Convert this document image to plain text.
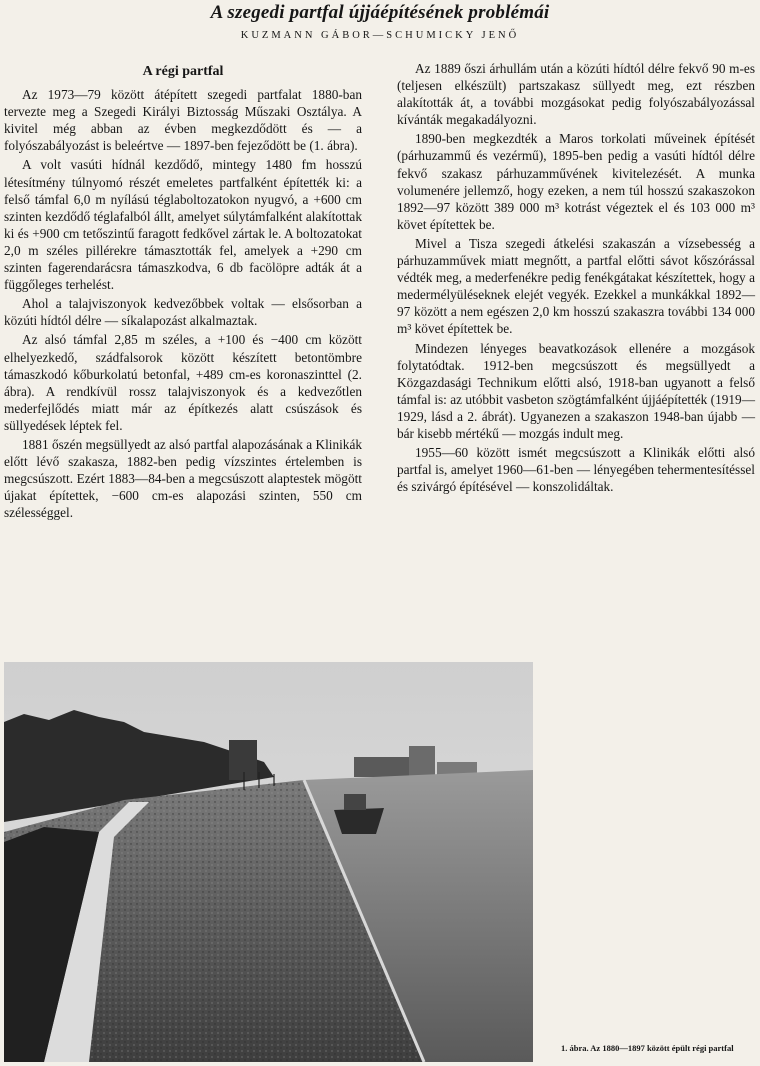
A szegedi partfal újjáépítésének problémái
KUZMANN GÁBOR—SCHUMICKY JENŐ
A régi partfal

Az 1973—79 között átépített szegedi partfalat 1880-ban tervezte meg a Szegedi Királyi Biztosság Műszaki Osztálya. A kivitel még abban az évben megkezdődött és — a folyószabályozást is beleértve — 1897-ben fejeződött be (1. ábra).

A volt vasúti hídnál kezdődő, mintegy 1480 fm hosszú létesítmény túlnyomó részét emeletes partfalként építették ki: a felső támfal 6,0 m nyílású téglaboltozatokon nyugvó, a +600 cm szinten kezdődő téglafalból állt, amelyet súlytámfalként alakítottak ki és +900 cm tetőszintű faragott fedkővel zártak le. A boltozatokat 2,0 m széles pillérekre támasztották fel, amelyek a +290 cm szinten fagerendarácsra támaszkodva, 6 db facölöpre adták át a függőleges terhelést.

Ahol a talajviszonyok kedvezőbbek voltak — elsősorban a közúti hídtól délre — síkalapozást alkalmaztak.

Az alsó támfal 2,85 m széles, a +100 és −400 cm között elhelyezkedő, szádfalsorok között készített betontömbre támaszkodó kőburkolatú betonfal, +489 cm-es koronaszinttel (2. ábra). A rendkívül rossz talajviszonyok és a kedvezőtlen mederfejlődés miatt már az építkezés alatt csúszások és süllyedések léptek fel.

1881 őszén megsüllyedt az alsó partfal alapozásának a Klinikák előtt lévő szakasza, 1882-ben pedig vízszintes értelemben is megcsúszott. Ezért 1883—84-ben a megcsúszott alaptestek mögött újakat építettek, −600 cm-es alapozási szinten, 550 cm szélességgel.

Az 1889 őszi árhullám után a közúti hídtól délre fekvő 90 m-es (teljesen elkészült) partszakasz süllyedt meg, ezt részben alakították át, a további mozgásokat pedig folyószabályozással kívánták megakadályozni.

1890-ben megkezdték a Maros torkolati műveinek építését (párhuzammű és vezérmű), 1895-ben pedig a vasúti hídtól délre fekvő szakasz párhuzamművének kivitelezését. A munka volumenére jellemző, hogy ezeken, a nem túl hosszú szakaszokon 1892—97 között 389 000 m³ kotrást végeztek el és 103 000 m³ követ építettek be.

Mivel a Tisza szegedi átkelési szakaszán a vízsebesség a párhuzamművek miatt megnőtt, a partfal előtti sávot kőszórással védték meg, a mederfenékre pedig fenékgátakat készítettek, hogy a medermélyüléseknek elejét vegyék. Ezekkel a munkákkal 1892—97 között a nem egészen 2,0 km hosszú szakaszra további 134 000 m³ követ építettek be.

Mindezen lényeges beavatkozások ellenére a mozgások folytatódtak. 1912-ben megcsúszott és megsüllyedt a Közgazdasági Technikum előtti alsó, 1918-ban ugyanott a felső támfal is: az utóbbit vasbeton szögtámfalként újjáépítették (1919—1929, lásd a 2. ábrát). Ugyanezen a szakaszon 1948-ban újabb — bár kisebb mértékű — mozgás indult meg.

1955—60 között ismét megcsúszott a Klinikák előtti alsó partfal is, amelyet 1960—61-ben — lényegében tehermentesítéssel és szivárgó építésével — konszolidáltak.

1. ábra. Az 1880—1897 között épült régi partfal
